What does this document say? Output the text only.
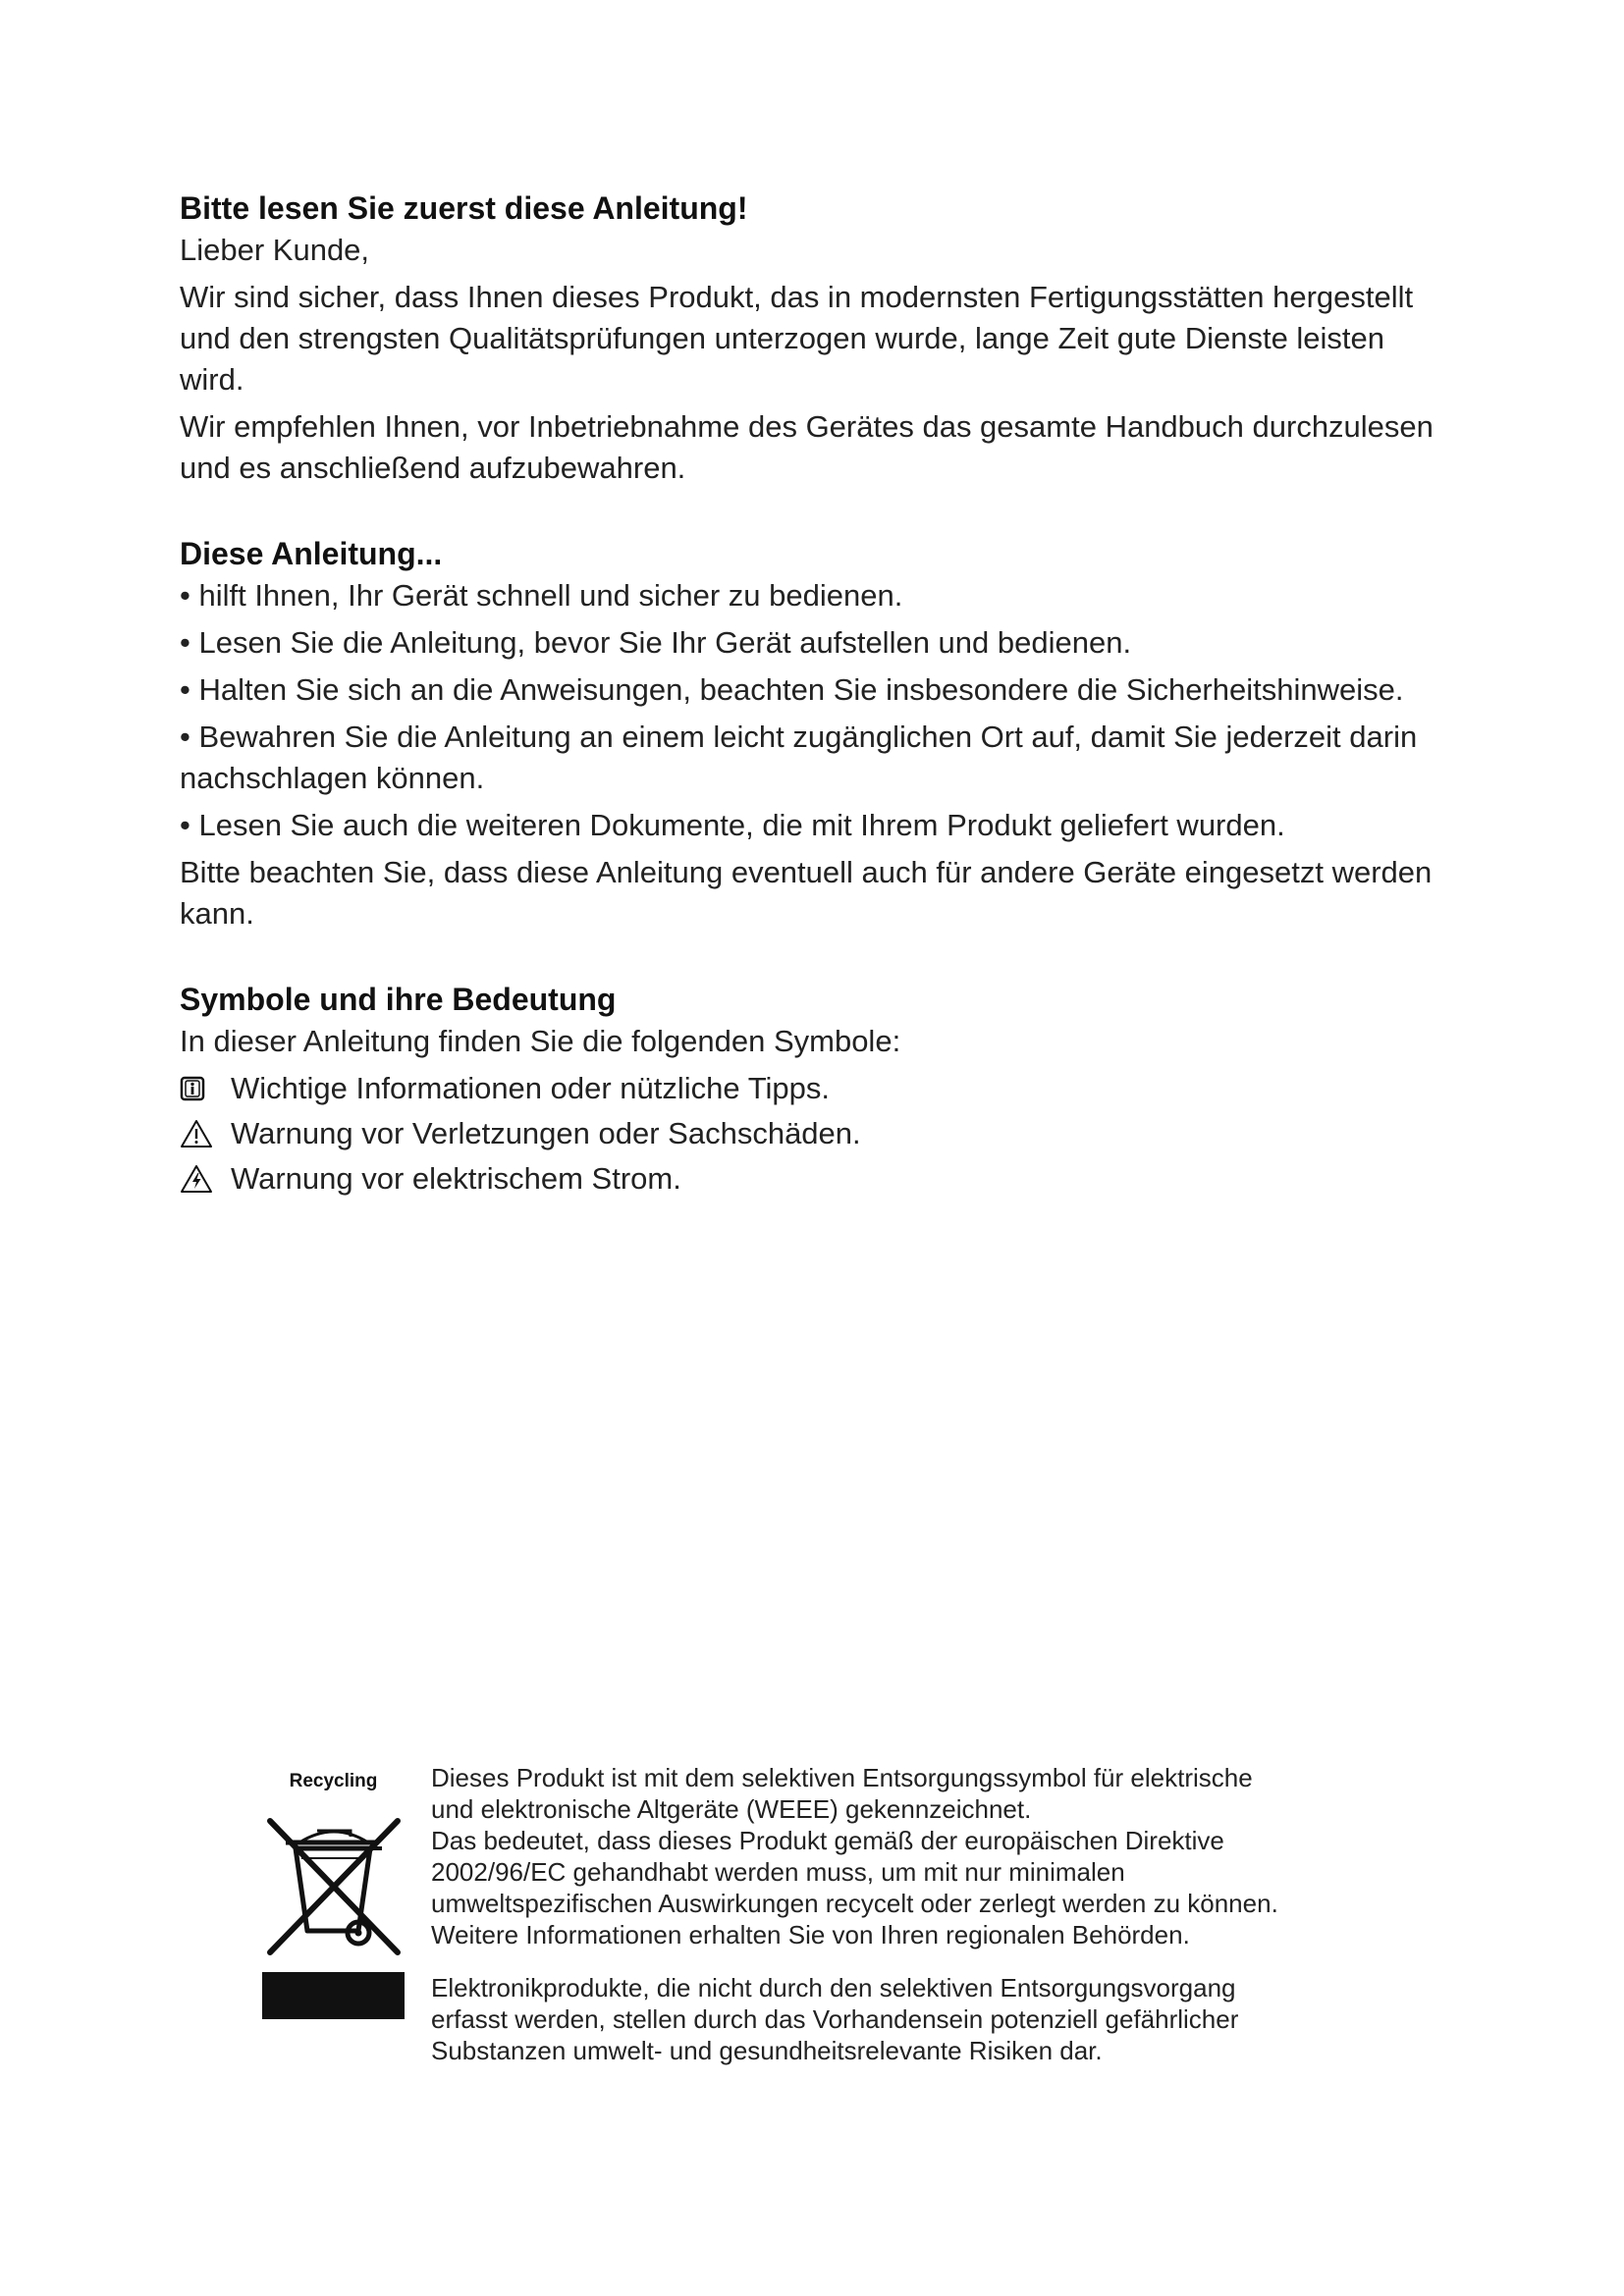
Bitte lesen Sie zuerst diese Anleitung!

Lieber Kunde,

Wir sind sicher, dass Ihnen dieses Produkt, das in modernsten Fertigungsstätten hergestellt und den strengsten Qualitätsprüfungen unterzogen wurde, lange Zeit gute Dienste leisten wird.

Wir empfehlen Ihnen, vor Inbetriebnahme des Gerätes das gesamte Handbuch durchzulesen und es anschließend aufzubewahren.

Diese Anleitung...

• hilft Ihnen, Ihr Gerät schnell und sicher zu bedienen.

• Lesen Sie die Anleitung, bevor Sie Ihr Gerät aufstellen und bedienen.

• Halten Sie sich an die Anweisungen, beachten Sie insbesondere die Sicherheitshinweise.

• Bewahren Sie die Anleitung an einem leicht zugänglichen Ort auf, damit Sie jederzeit darin nachschlagen können.

• Lesen Sie auch die weiteren Dokumente, die mit Ihrem Produkt geliefert wurden.

Bitte beachten Sie, dass diese Anleitung eventuell auch für andere Geräte eingesetzt werden kann.

Symbole und ihre Bedeutung

In dieser Anleitung finden Sie die folgenden Symbole:

Wichtige Informationen oder nützliche Tipps.
Warnung vor Verletzungen oder Sachschäden.
Warnung vor elektrischem Strom.
Recycling Dieses Produkt ist mit dem selektiven Entsorgungssymbol für elektrische

und elektronische Altgeräte (WEEE) gekennzeichnet.

Das bedeutet, dass dieses Produkt gemäß der europäischen Direktive

2002/96/EC gehandhabt werden muss, um mit nur minimalen

umweltspezifischen Auswirkungen recycelt oder zerlegt werden zu können.

Weitere Informationen erhalten Sie von Ihren regionalen Behörden.

Elektronikprodukte, die nicht durch den selektiven Entsorgungsvorgang

erfasst werden, stellen durch das Vorhandensein potenziell gefährlicher

Substanzen umwelt- und gesundheitsrelevante Risiken dar.
